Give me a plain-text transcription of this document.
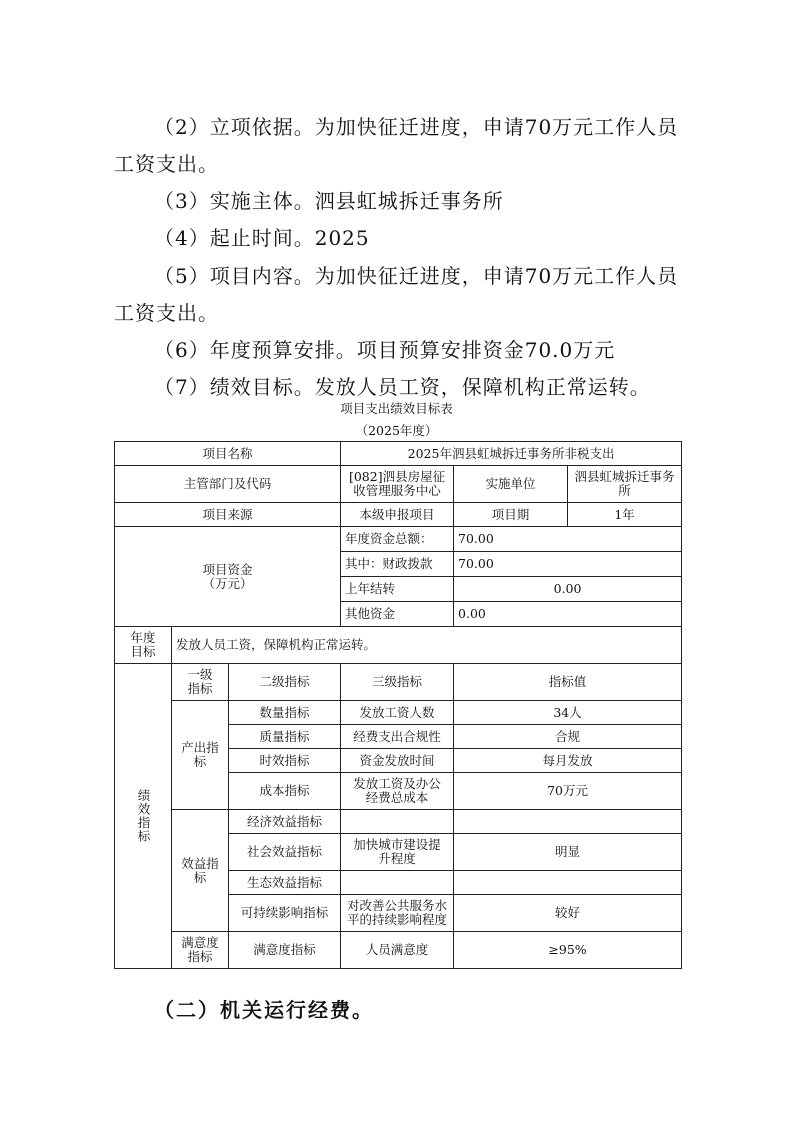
（2）立项依据。为加快征迁进度，申请70万元工作人员
工资支出。
（3）实施主体。泗县虹城拆迁事务所
（4）起止时间。2025
（5）项目内容。为加快征迁进度，申请70万元工作人员
工资支出。
（6）年度预算安排。项目预算安排资金70.0万元
（7）绩效目标。发放人员工资，保障机构正常运转。
项目支出绩效目标表
（2025年度）
项目名称			2025年泗县虹城拆迁事务所非税支出		
主管部门及代码			[082]泗县房屋征收管理服务中心	实施单位	泗县虹城拆迁事务所
项目来源			本级申报项目	项目期	1年

项目资金（万元）			年度资金总额：	70.00	
			其中：财政拨款	70.00	
			上年结转	0.00	
			其他资金	0.00	

年度目标	发放人员工资，保障机构正常运转。				
绩效指标	一级指标	二级指标	三级指标	指标值	

	产出指标	数量指标	发放工资人数	34人	
		质量指标	经费支出合规性	合规	
		时效指标	资金发放时间	每月发放	
		成本指标	发放工资及办公经费总成本	70万元	

	效益指标	经济效益指标			
		社会效益指标	加快城市建设提升程度	明显	
		生态效益指标			
		可持续影响指标	对改善公共服务水平的持续影响程度	较好	

	满意度指标	满意度指标	人员满意度	≥95%	
（二）机关运行经费。
